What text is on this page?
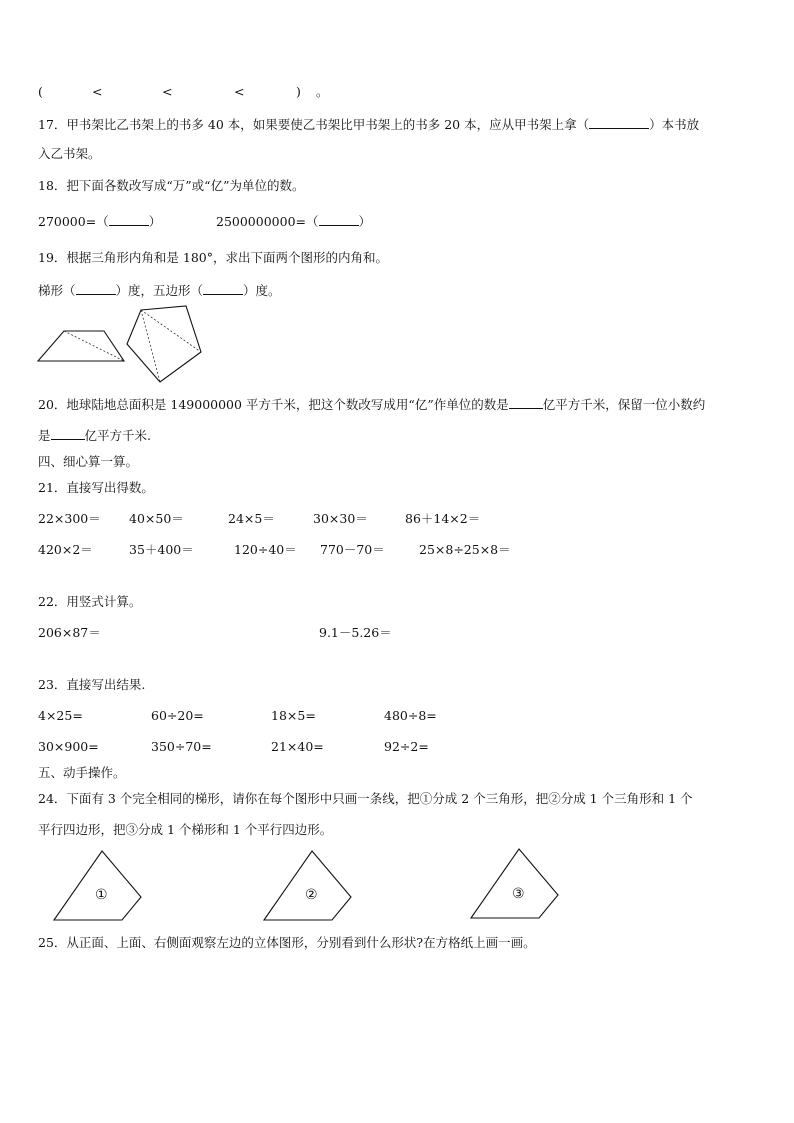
(	<	<	<	) 。
17．甲书架比乙书架上的书多 40 本，如果要使乙书架比甲书架上的书多 20 本，应从甲书架上拿（	）本书放
入乙书架。
18．把下面各数改写成“万”或“亿”为单位的数。
270000=（	）	2500000000=（	）
19．根据三角形内角和是 180°，求出下面两个图形的内角和。
梯形（	）度，五边形（	）度。
20．地球陆地总面积是 149000000 平方千米，把这个数改写成用“亿”作单位的数是	亿平方千米，保留一位小数约
是	亿平方千米.
四、细心算一算。
21．直接写出得数。
22×300＝ 40×50＝	24×5＝	30×30＝	86＋14×2＝
420×2＝	35＋400＝	120÷40＝ 770－70＝	25×8÷25×8＝
22．用竖式计算。
206×87＝	9.1－5.26＝
23．直接写出结果.
4×25=	60÷20=	18×5=	480÷8=
30×900=	350÷70=	21×40=	92÷2=
五、动手操作。
24．下面有 3 个完全相同的梯形，请你在每个图形中只画一条线，把①分成 2 个三角形，把②分成 1 个三角形和 1 个
平行四边形，把③分成 1 个梯形和 1 个平行四边形。
①	②	③
25．从正面、上面、右侧面观察左边的立体图形，分别看到什么形状?在方格纸上画一画。
